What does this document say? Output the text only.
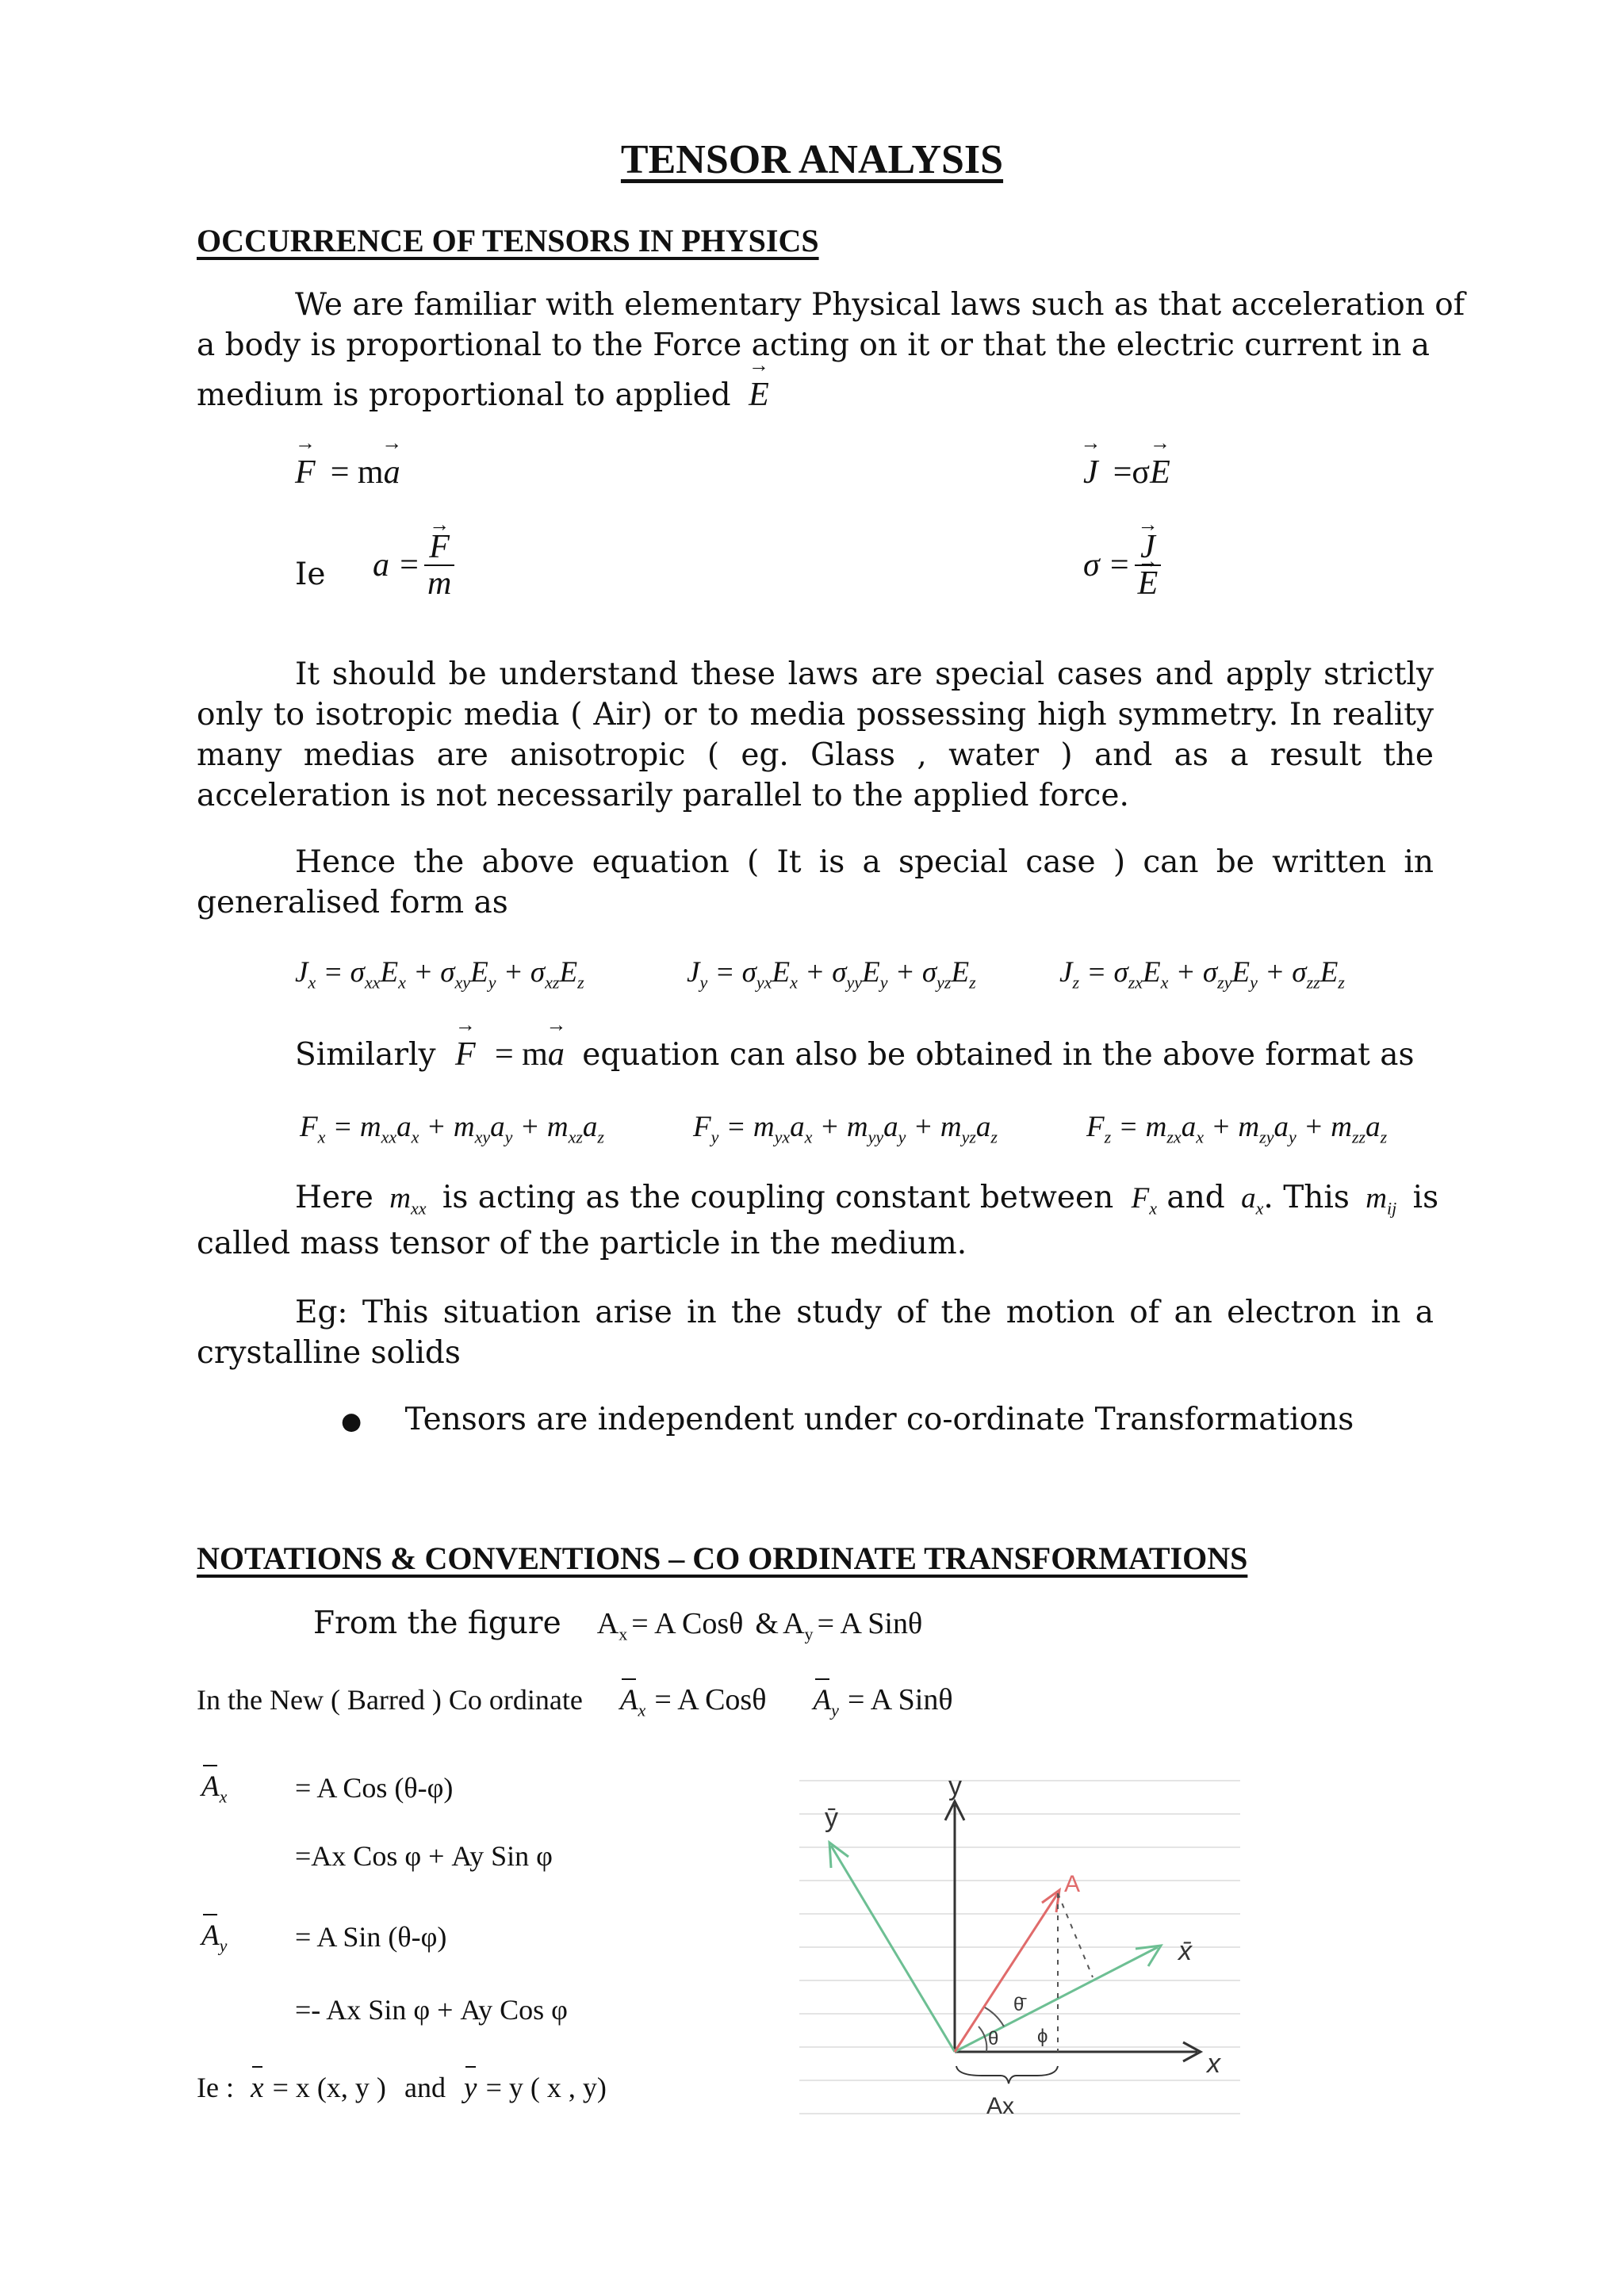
TENSOR ANALYSIS
OCCURRENCE OF TENSORS IN PHYSICS
We are familiar with elementary Physical laws such as that acceleration of
a body is proportional to the Force acting on it or that the electric current in a
medium is proportional to applied → E
→ F = m→ a	→ J =σ→ E
Ie a = → $\frac{F}{m}$	σ = → J
→ E
It should be understand these laws are special cases and apply strictly only to isotropic media ( Air) or to media possessing high symmetry. In reality many medias are anisotropic ( eg. Glass , water ) and as a result the acceleration is not necessarily parallel to the applied force.
Hence the above equation ( It is a special case ) can be written in generalised form as
$J_x = \sigma_{xx}E_x + \sigma_{xy}E_y + \sigma_{xz}E_z$	$J_y = \sigma_{yx}E_x + \sigma_{yy}E_y + \sigma_{yz}E_z$	$J_z = \sigma_{zx}E_x + \sigma_{zy}E_y + \sigma_{zz}E_z$
Similarly → F = m→ a equation can also be obtained in the above format as
$F_x = m_{xx}a_x + m_{xy}a_y + m_{xz}a_z$	$F_y = m_{yx}a_x + m_{yy}a_y + m_{yz}a_z$	$F_z = m_{zx}a_x + m_{zy}a_y + m_{zz}a_z$
Here $m_{xx}$ is acting as the coupling constant between $F_x$ and $a_x$. This $m_{ij}$ is
called mass tensor of the particle in the medium.
Eg: This situation arise in the study of the motion of an electron in a crystalline solids
● Tensors are independent under co-ordinate Transformations
NOTATIONS & CONVENTIONS – CO ORDINATE TRANSFORMATIONS
From the figure $A_x = A$ Cosθ & $A_y = A$ Sinθ
In the New ( Barred ) Co ordinate $A_x = A$ Cosθ $A_y = A$ Sinθ
$A_x = A$ Cos (θ-φ)
=Ax Cos φ + Ay Sin φ
$A_y = A$ Sin (θ-φ)
=- Ax Sin φ + Ay Cos φ
Ie : x = x (x, y ) and y = y ( x , y)
y
x
ȳ
x̄
A
θ
θ̄
ϕ
Ax
